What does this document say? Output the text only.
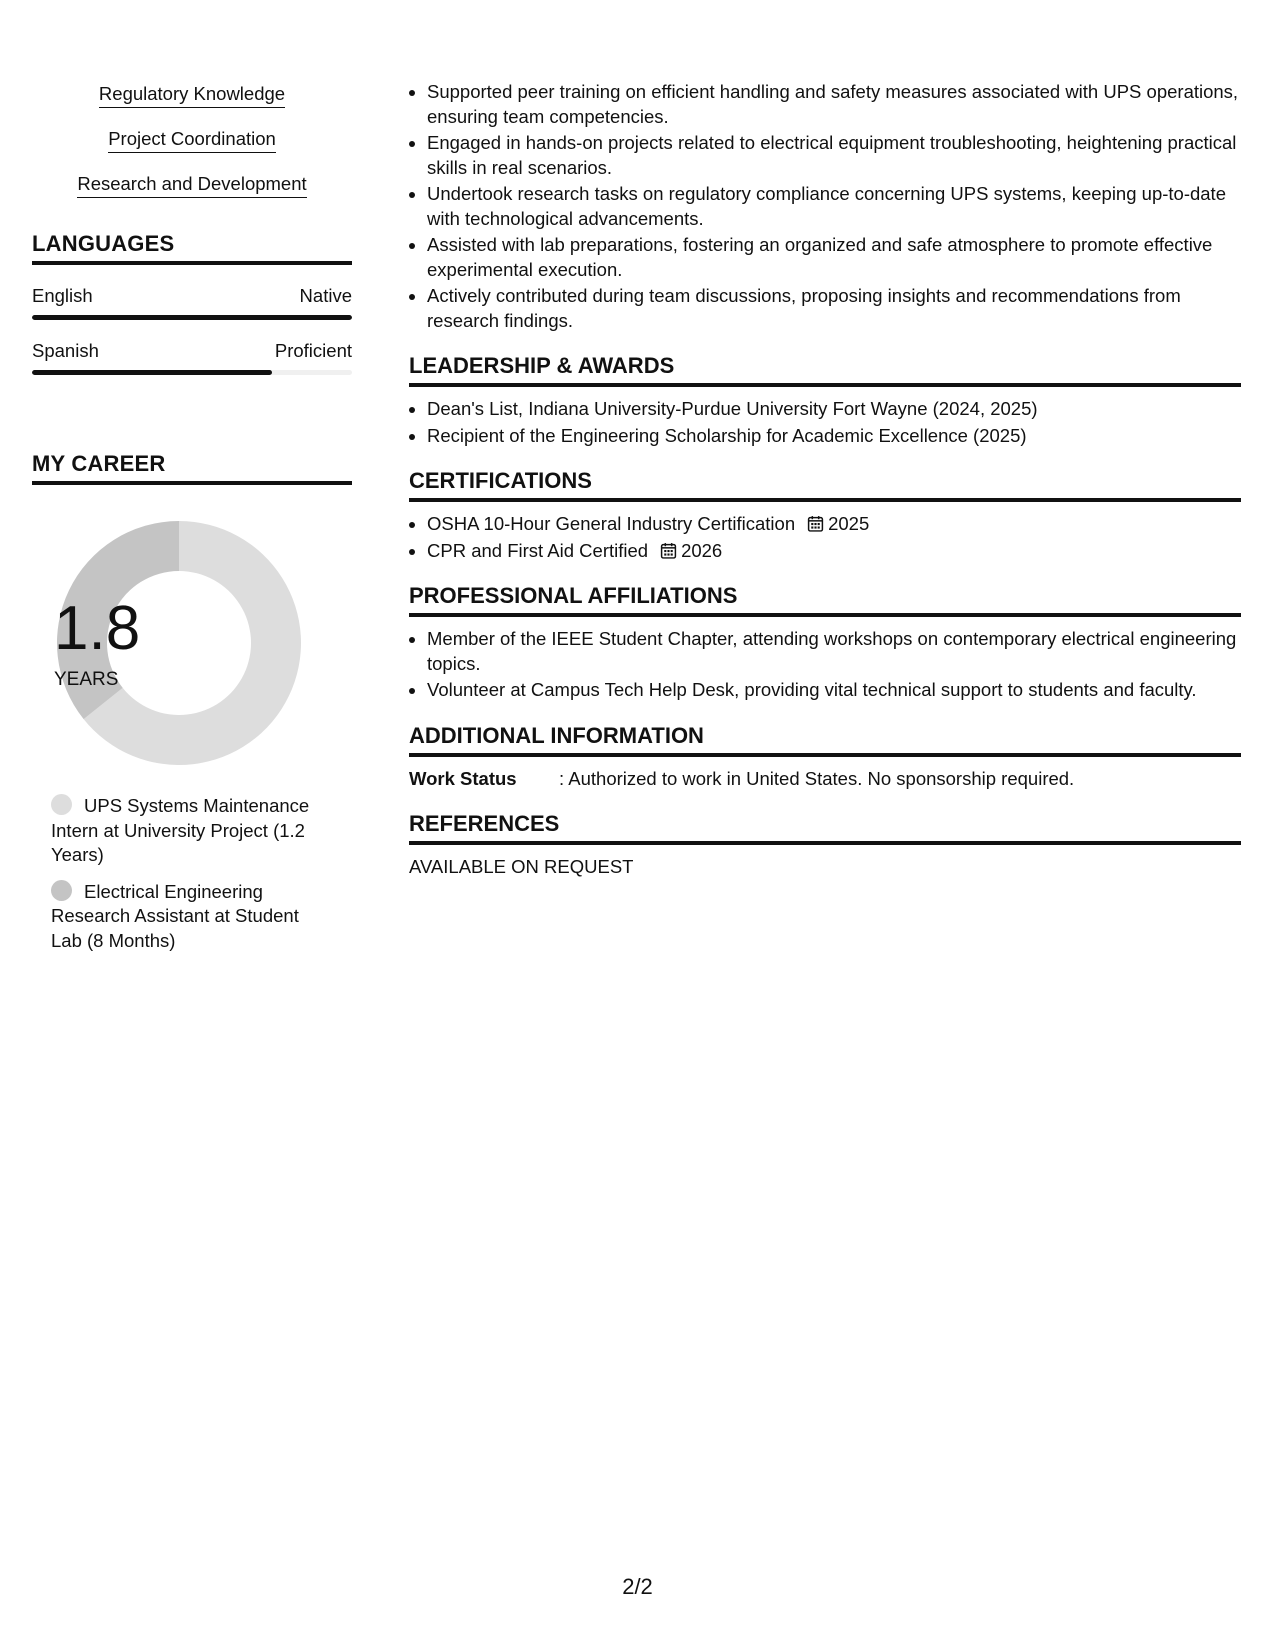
Regulatory Knowledge
Project Coordination
Research and Development
LANGUAGES
English	Native
Spanish	Proficient
MY CAREER
1.8
YEARS
UPS Systems Maintenance Intern at University Project (1.2 Years)
Electrical Engineering Research Assistant at Student Lab (8 Months)
• Supported peer training on efficient handling and safety measures associated with UPS operations, ensuring team competencies.
• Engaged in hands-on projects related to electrical equipment troubleshooting, heightening practical skills in real scenarios.
• Undertook research tasks on regulatory compliance concerning UPS systems, keeping up-to-date with technological advancements.
• Assisted with lab preparations, fostering an organized and safe atmosphere to promote effective experimental execution.
• Actively contributed during team discussions, proposing insights and recommendations from research findings.
LEADERSHIP & AWARDS
• Dean's List, Indiana University-Purdue University Fort Wayne (2024, 2025)
• Recipient of the Engineering Scholarship for Academic Excellence (2025)
CERTIFICATIONS
• OSHA 10-Hour General Industry Certification 2025
• CPR and First Aid Certified 2026
PROFESSIONAL AFFILIATIONS
• Member of the IEEE Student Chapter, attending workshops on contemporary electrical engineering topics.
• Volunteer at Campus Tech Help Desk, providing vital technical support to students and faculty.
ADDITIONAL INFORMATION
Work Status	: Authorized to work in United States. No sponsorship required.
REFERENCES
AVAILABLE ON REQUEST
2/2
